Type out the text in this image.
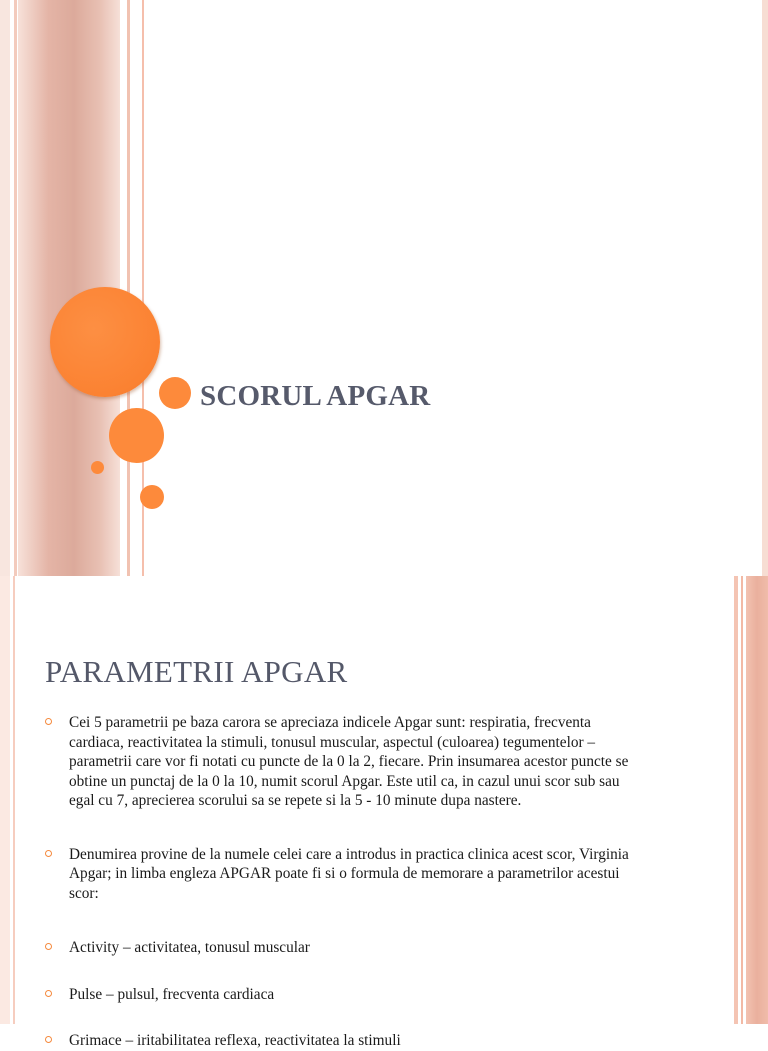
SCORUL APGAR
PARAMETRII APGAR
Cei 5 parametrii pe baza carora se apreciaza indicele Apgar sunt: respiratia, frecventa cardiaca, reactivitatea la stimuli, tonusul muscular, aspectul (culoarea) tegumentelor – parametrii care vor fi notati cu puncte de la 0 la 2, fiecare. Prin insumarea acestor puncte se obtine un punctaj de la 0 la 10, numit scorul Apgar. Este util ca, in cazul unui scor sub sau egal cu 7, aprecierea scorului sa se repete si la 5 - 10 minute dupa nastere.
Denumirea provine de la numele celei care a introdus in practica clinica acest scor, Virginia Apgar; in limba engleza APGAR poate fi si o formula de memorare a parametrilor acestui scor:
Activity – activitatea, tonusul muscular
Pulse – pulsul, frecventa cardiaca
Grimace – iritabilitatea reflexa, reactivitatea la stimuli
